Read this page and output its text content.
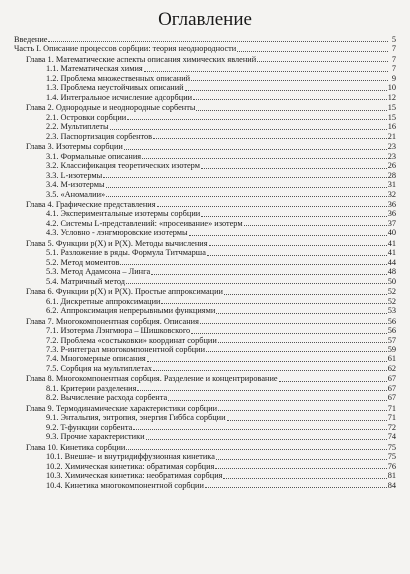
Оглавление
Введение	5
Часть I. Описание процессов сорбции: теория неоднородности	7
Глава 1. Математические аспекты описания химических явлений	7
1.1. Математическая химия	7
1.2. Проблема множественных описаний	9
1.3. Проблема неустойчивых описаний	10
1.4. Интегральное исчисление адсорбции	12
Глава 2. Однородные и неоднородные сорбенты	15
2.1. Островки сорбции	15
2.2. Мультиплеты	16
2.3. Паспортизация сорбентов	21
Глава 3. Изотермы сорбции	23
3.1. Формальные описания	23
3.2. Классификация теоретических изотерм	26
3.3. L-изотермы	28
3.4. M-изотермы	31
3.5. «Аномалии»	32
Глава 4. Графические представления	36
4.1. Экспериментальные изотермы сорбции	36
4.2. Системы L-представлений: «просеивание» изотерм	37
4.3. Условно - лэнгмюровские изотермы	40
Глава 5. Функции p(X) и P(X). Методы вычисления	41
5.1. Разложение в ряды. Формула Титчмарша	41
5.2. Метод моментов	44
5.3. Метод Адамсона – Линга	48
5.4. Матричный метод	50
Глава 6. Функции p(X) и P(X). Простые аппроксимации	52
6.1. Дискретные аппроксимации	52
6.2. Аппроксимация непрерывными функциями	53
Глава 7. Многокомпонентная сорбция. Описания	56
7.1. Изотерма Лэнгмюра – Шишковского	56
7.2. Проблема «состыковки» координат сорбции	57
7.3. P-интеграл многокомпонентной сорбции	59
7.4. Многомерные описания	61
7.5. Сорбция на мультиплетах	62
Глава 8. Многокомпонентная сорбция. Разделение и концентрирование	67
8.1. Критерии разделения	67
8.2. Вычисление расхода сорбента	67
Глава 9. Термодинамические характеристики сорбции	71
9.1. Энтальпия, энтропия, энергия Гиббса сорбции	71
9.2. T-функции сорбента	72
9.3. Прочие характеристики	74
Глава 10. Кинетика сорбции	75
10.1. Внешне- и внутридиффузионная кинетика	75
10.2. Химическая кинетика: обратимая сорбция	76
10.3. Химическая кинетика: необратимая сорбция	81
10.4. Кинетика многокомпонентной сорбции	84
